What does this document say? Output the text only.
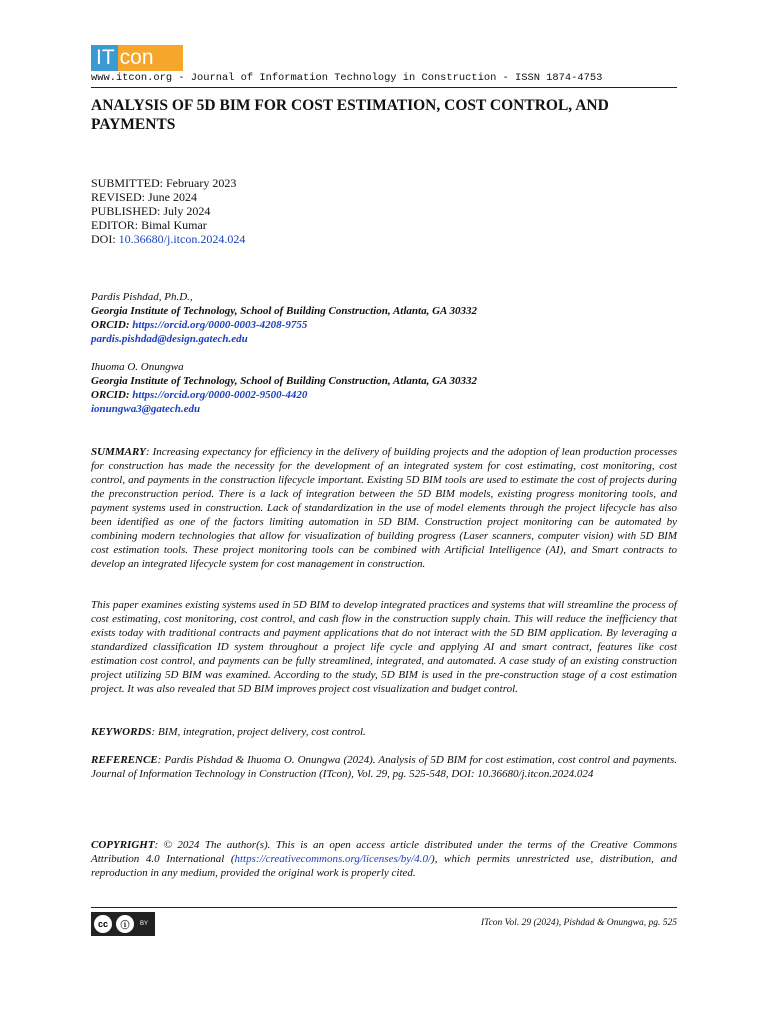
IT con
www.itcon.org - Journal of Information Technology in Construction - ISSN 1874-4753
ANALYSIS OF 5D BIM FOR COST ESTIMATION, COST CONTROL, AND PAYMENTS
SUBMITTED: February 2023
REVISED: June 2024
PUBLISHED: July 2024
EDITOR: Bimal Kumar
DOI: 10.36680/j.itcon.2024.024
Pardis Pishdad, Ph.D.,
Georgia Institute of Technology, School of Building Construction, Atlanta, GA 30332
ORCID: https://orcid.org/0000-0003-4208-9755
pardis.pishdad@design.gatech.edu
Ihuoma O. Onungwa
Georgia Institute of Technology, School of Building Construction, Atlanta, GA 30332
ORCID: https://orcid.org/0000-0002-9500-4420
ionungwa3@gatech.edu

SUMMARY: Increasing expectancy for efficiency in the delivery of building projects and the adoption of lean production processes for construction has made the necessity for the development of an integrated system for cost estimating, cost monitoring, cost control, and payments in the construction lifecycle important. Existing 5D BIM tools are used to estimate the cost of projects during the preconstruction period. There is a lack of integration between the 5D BIM models, existing progress monitoring tools, and payment systems used in construction. Lack of standardization in the use of model elements through the project lifecycle has also been identified as one of the factors limiting automation in 5D BIM. Construction project monitoring can be automated by combining modern technologies that allow for visualization of building progress (Laser scanners, computer vision) with 5D BIM cost estimation tools. These project monitoring tools can be combined with Artificial Intelligence (AI), and Smart contracts to develop an integrated lifecycle system for cost management in construction.

This paper examines existing systems used in 5D BIM to develop integrated practices and systems that will streamline the process of cost estimating, cost monitoring, cost control, and cash flow in the construction supply chain. This will reduce the inefficiency that exists today with traditional contracts and payment applications that do not interact with the 5D BIM application. By leveraging a standardized classification ID system throughout a project life cycle and applying AI and smart contract, features like cost estimation cost control, and payments can be fully streamlined, integrated, and automated. A case study of an existing construction project utilizing 5D BIM was examined. According to the study, 5D BIM is used in the pre-construction stage of a cost estimation project. It was also revealed that 5D BIM improves project cost visualization and budget control.

KEYWORDS: BIM, integration, project delivery, cost control.

REFERENCE: Pardis Pishdad & Ihuoma O. Onungwa (2024). Analysis of 5D BIM for cost estimation, cost control and payments. Journal of Information Technology in Construction (ITcon), Vol. 29, pg. 525-548, DOI: 10.36680/j.itcon.2024.024

COPYRIGHT: © 2024 The author(s). This is an open access article distributed under the terms of the Creative Commons Attribution 4.0 International (https://creativecommons.org/licenses/by/4.0/), which permits unrestricted use, distribution, and reproduction in any medium, provided the original work is properly cited.

cc	ⓘ	BY	ITcon Vol. 29 (2024), Pishdad & Onungwa, pg. 525
